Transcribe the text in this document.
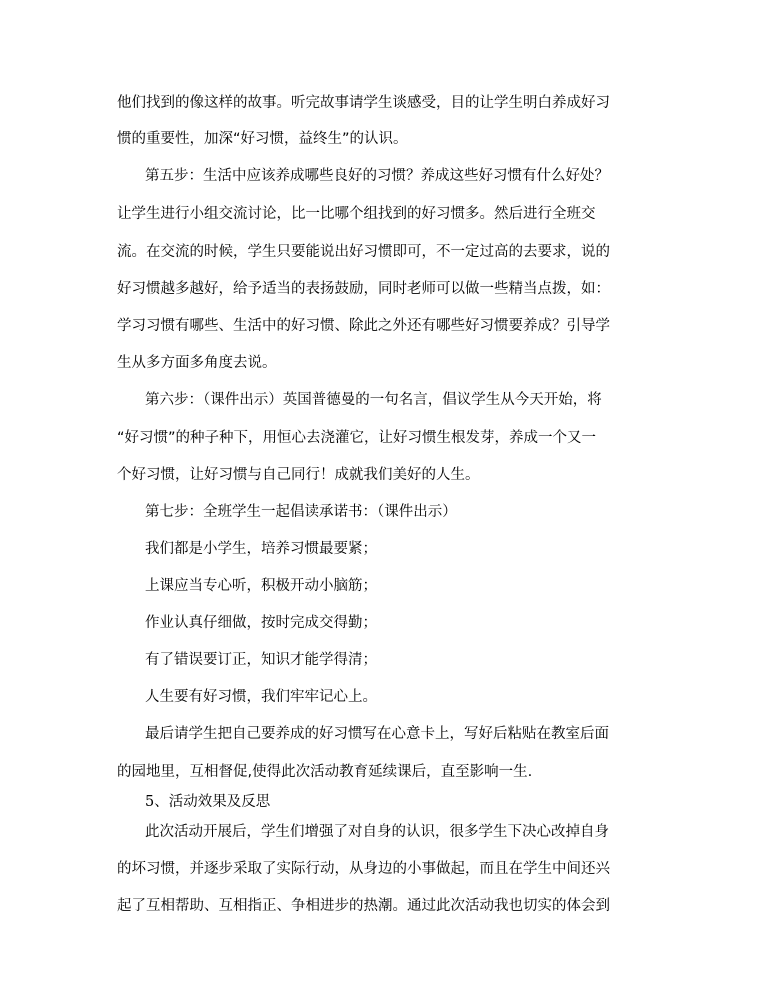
他们找到的像这样的故事。听完故事请学生谈感受，目的让学生明白养成好习
惯的重要性，加深“好习惯，益终生”的认识。
第五步：生活中应该养成哪些良好的习惯？养成这些好习惯有什么好处？
让学生进行小组交流讨论，比一比哪个组找到的好习惯多。然后进行全班交
流。在交流的时候，学生只要能说出好习惯即可，不一定过高的去要求，说的
好习惯越多越好，给予适当的表扬鼓励，同时老师可以做一些精当点拨，如：
学习习惯有哪些、生活中的好习惯、除此之外还有哪些好习惯要养成？引导学
生从多方面多角度去说。
第六步：（课件出示）英国普德曼的一句名言，倡议学生从今天开始，将
“好习惯”的种子种下，用恒心去浇灌它，让好习惯生根发芽，养成一个又一
个好习惯，让好习惯与自己同行！成就我们美好的人生。
第七步：全班学生一起倡读承诺书：（课件出示）
我们都是小学生，培养习惯最要紧；
上课应当专心听，积极开动小脑筋；
作业认真仔细做，按时完成交得勤；
有了错误要订正，知识才能学得清；
人生要有好习惯，我们牢牢记心上。
最后请学生把自己要养成的好习惯写在心意卡上，写好后粘贴在教室后面
的园地里，互相督促,使得此次活动教育延续课后，直至影响一生.
5、活动效果及反思
此次活动开展后，学生们增强了对自身的认识，很多学生下决心改掉自身
的坏习惯，并逐步采取了实际行动，从身边的小事做起，而且在学生中间还兴
起了互相帮助、互相指正、争相进步的热潮。通过此次活动我也切实的体会到
